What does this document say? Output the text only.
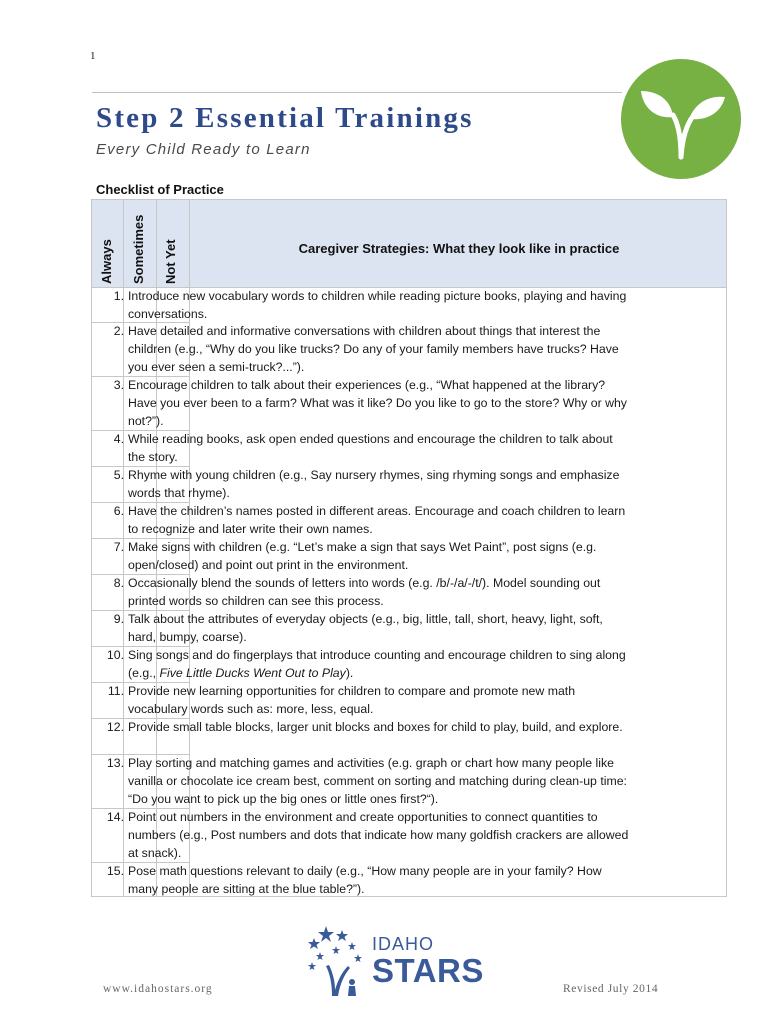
1
Step 2 Essential Trainings
Every Child Ready to Learn
Checklist of Practice
Always Sometimes Not Yet	Caregiver Strategies: What they look like in practice
1. Introduce new vocabulary words to children while reading picture books, playing and having conversations.
2. Have detailed and informative conversations with children about things that interest the children (e.g., “Why do you like trucks? Do any of your family members have trucks? Have you ever seen a semi-truck?...”).
3. Encourage children to talk about their experiences (e.g., “What happened at the library? Have you ever been to a farm? What was it like? Do you like to go to the store? Why or why not?”).
4. While reading books, ask open ended questions and encourage the children to talk about the story.
5. Rhyme with young children (e.g., Say nursery rhymes, sing rhyming songs and emphasize words that rhyme).
6. Have the children’s names posted in different areas. Encourage and coach children to learn to recognize and later write their own names.
7. Make signs with children (e.g. “Let’s make a sign that says Wet Paint”, post signs (e.g. open/closed) and point out print in the environment.
8. Occasionally blend the sounds of letters into words (e.g. /b/-/a/-/t/). Model sounding out printed words so children can see this process.
9. Talk about the attributes of everyday objects (e.g., big, little, tall, short, heavy, light, soft, hard, bumpy, coarse).
10. Sing songs and do fingerplays that introduce counting and encourage children to sing along (e.g., Five Little Ducks Went Out to Play).
11. Provide new learning opportunities for children to compare and promote new math vocabulary words such as: more, less, equal.
12. Provide small table blocks, larger unit blocks and boxes for child to play, build, and explore.
13. Play sorting and matching games and activities (e.g. graph or chart how many people like vanilla or chocolate ice cream best, comment on sorting and matching during clean-up time: “Do you want to pick up the big ones or little ones first?“).
14. Point out numbers in the environment and create opportunities to connect quantities to numbers (e.g., Post numbers and dots that indicate how many goldfish crackers are allowed at snack).
15. Pose math questions relevant to daily (e.g., “How many people are in your family? How many people are sitting at the blue table?”).
IDAHO
STARS
www.idahostars.org	Revised July 2014
